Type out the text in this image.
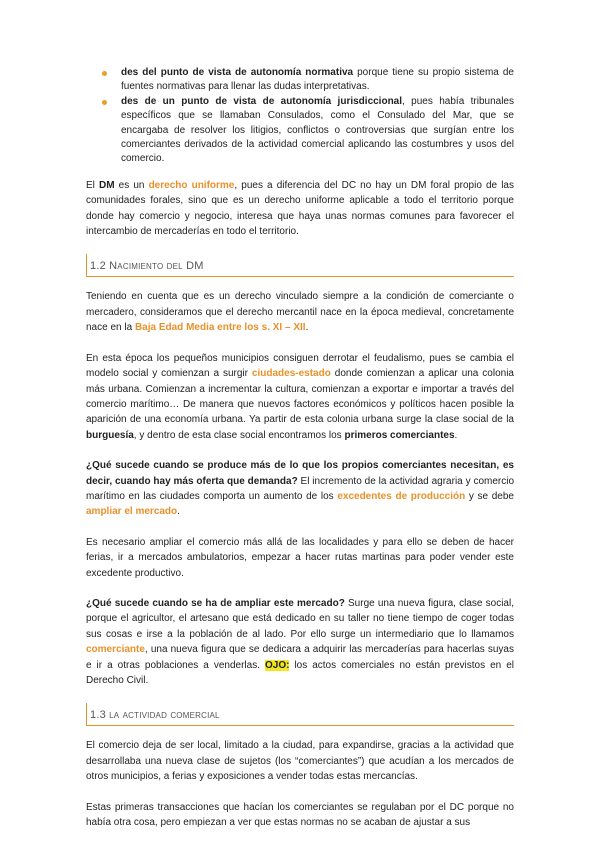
des del punto de vista de autonomía normativa porque tiene su propio sistema de fuentes normativas para llenar las dudas interpretativas.
des de un punto de vista de autonomía jurisdiccional, pues había tribunales específicos que se llamaban Consulados, como el Consulado del Mar, que se encargaba de resolver los litigios, conflictos o controversias que surgían entre los comerciantes derivados de la actividad comercial aplicando las costumbres y usos del comercio.

El DM es un derecho uniforme, pues a diferencia del DC no hay un DM foral propio de las comunidades forales, sino que es un derecho uniforme aplicable a todo el territorio porque donde hay comercio y negocio, interesa que haya unas normas comunes para favorecer el intercambio de mercaderías en todo el territorio.

1.2 Nacimiento del DM

Teniendo en cuenta que es un derecho vinculado siempre a la condición de comerciante o mercadero, consideramos que el derecho mercantil nace en la época medieval, concretamente nace en la Baja Edad Media entre los s. XI – XII.

En esta época los pequeños municipios consiguen derrotar el feudalismo, pues se cambia el modelo social y comienzan a surgir ciudades-estado donde comienzan a aplicar una colonia más urbana. Comienzan a incrementar la cultura, comienzan a exportar e importar a través del comercio marítimo… De manera que nuevos factores económicos y políticos hacen posible la aparición de una economía urbana. Ya partir de esta colonia urbana surge la clase social de la burguesía, y dentro de esta clase social encontramos los primeros comerciantes.

¿Qué sucede cuando se produce más de lo que los propios comerciantes necesitan, es decir, cuando hay más oferta que demanda? El incremento de la actividad agraria y comercio marítimo en las ciudades comporta un aumento de los excedentes de producción y se debe ampliar el mercado.

Es necesario ampliar el comercio más allá de las localidades y para ello se deben de hacer ferias, ir a mercados ambulatorios, empezar a hacer rutas martinas para poder vender este excedente productivo.

¿Qué sucede cuando se ha de ampliar este mercado? Surge una nueva figura, clase social, porque el agricultor, el artesano que está dedicado en su taller no tiene tiempo de coger todas sus cosas e irse a la población de al lado. Por ello surge un intermediario que lo llamamos comerciante, una nueva figura que se dedicara a adquirir las mercaderías para hacerlas suyas e ir a otras poblaciones a venderlas. OJO: los actos comerciales no están previstos en el Derecho Civil.

1.3 la actividad comercial

El comercio deja de ser local, limitado a la ciudad, para expandirse, gracias a la actividad que desarrollaba una nueva clase de sujetos (los “comerciantes”) que acudían a los mercados de otros municipios, a ferias y exposiciones a vender todas estas mercancías.

Estas primeras transacciones que hacían los comerciantes se regulaban por el DC porque no había otra cosa, pero empiezan a ver que estas normas no se acaban de ajustar a sus
